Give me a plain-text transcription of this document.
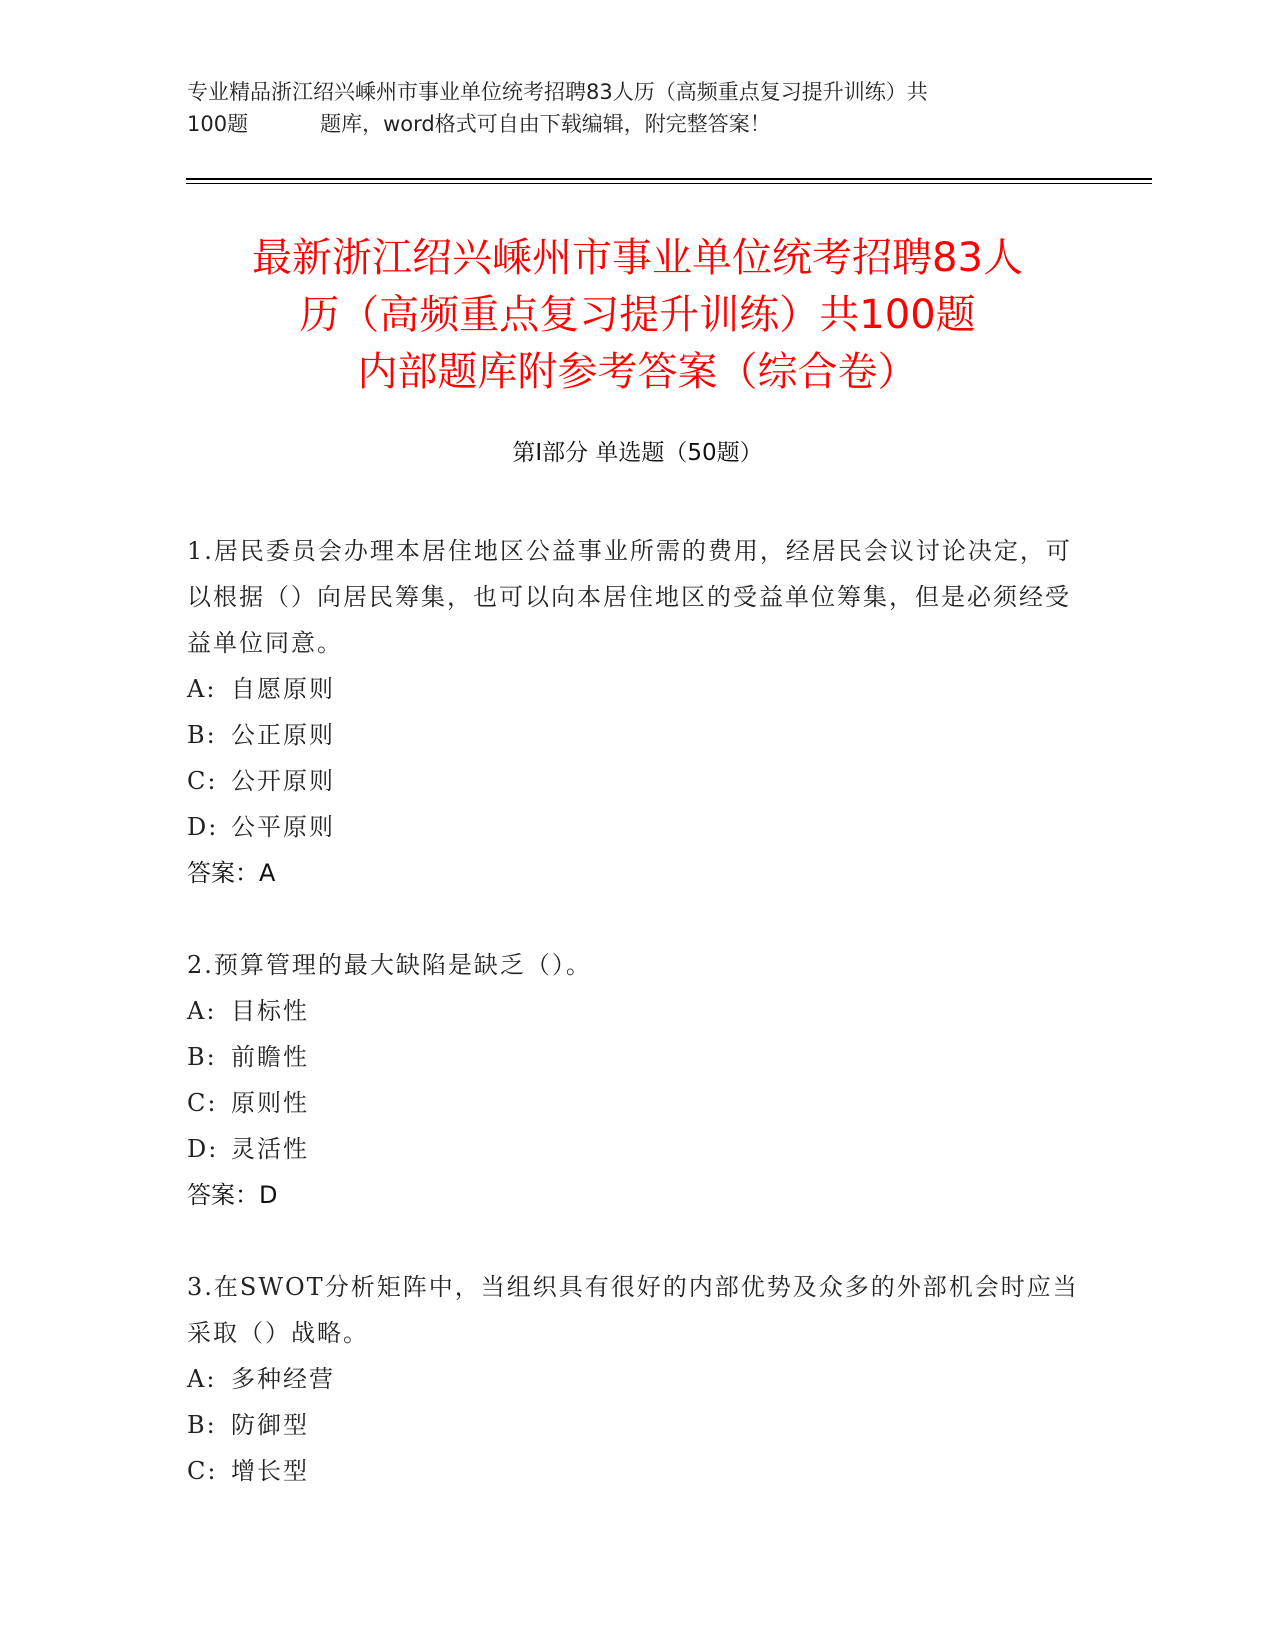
专业精品浙江绍兴嵊州市事业单位统考招聘83人历（高频重点复习提升训练）共
100题	题库，word格式可自由下载编辑，附完整答案！
最新浙江绍兴嵊州市事业单位统考招聘83人
历（高频重点复习提升训练）共100题
内部题库附参考答案（综合卷）
第Ⅰ部分 单选题（50题）
1.居民委员会办理本居住地区公益事业所需的费用，经居民会议讨论决定，可以根据（）向居民筹集，也可以向本居住地区的受益单位筹集，但是必须经受益单位同意。
A: 自愿原则
B: 公正原则
C: 公开原则
D: 公平原则
答案：A
2.预算管理的最大缺陷是缺乏（）。
A: 目标性
B: 前瞻性
C: 原则性
D: 灵活性
答案：D
3.在SWOT分析矩阵中，当组织具有很好的内部优势及众多的外部机会时应当采取（）战略。
A: 多种经营
B: 防御型
C: 增长型
